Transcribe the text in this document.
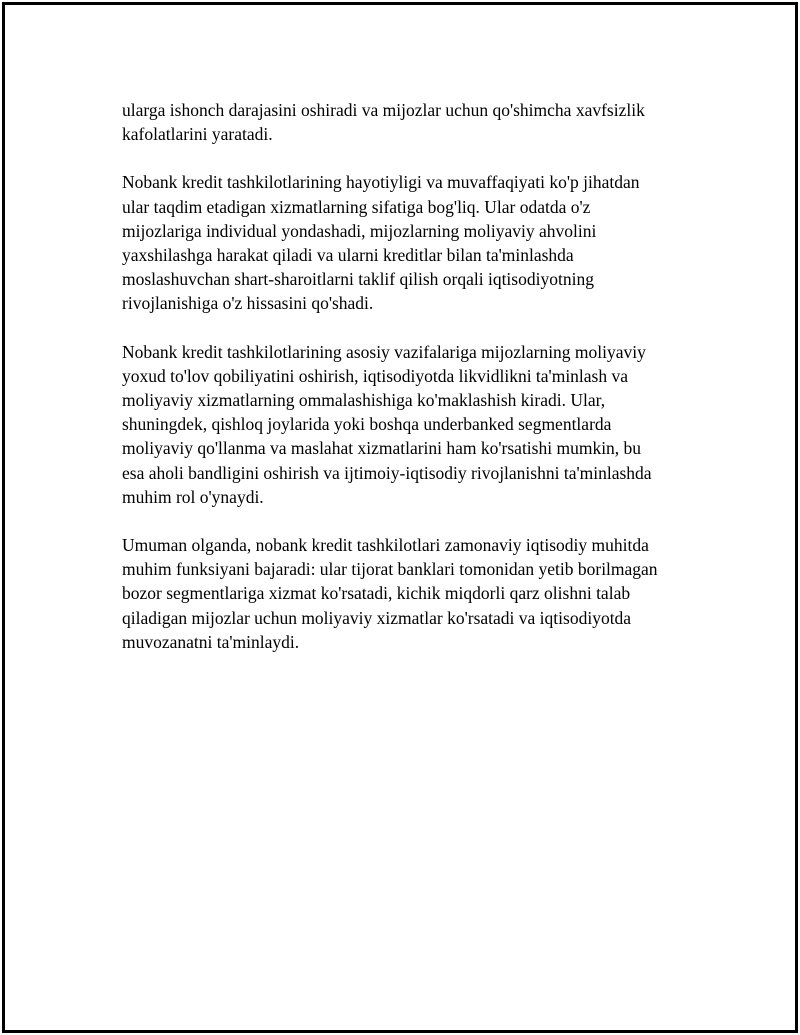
ularga ishonch darajasini oshiradi va mijozlar uchun qo'shimcha xavfsizlik
kafolatlarini yaratadi.

Nobank kredit tashkilotlarining hayotiyligi va muvaffaqiyati ko'p jihatdan
ular taqdim etadigan xizmatlarning sifatiga bog'liq. Ular odatda o'z
mijozlariga individual yondashadi, mijozlarning moliyaviy ahvolini
yaxshilashga harakat qiladi va ularni kreditlar bilan ta'minlashda
moslashuvchan shart-sharoitlarni taklif qilish orqali iqtisodiyotning
rivojlanishiga o'z hissasini qo'shadi.

Nobank kredit tashkilotlarining asosiy vazifalariga mijozlarning moliyaviy
yoxud to'lov qobiliyatini oshirish, iqtisodiyotda likvidlikni ta'minlash va
moliyaviy xizmatlarning ommalashishiga ko'maklashish kiradi. Ular,
shuningdek, qishloq joylarida yoki boshqa underbanked segmentlarda
moliyaviy qo'llanma va maslahat xizmatlarini ham ko'rsatishi mumkin, bu
esa aholi bandligini oshirish va ijtimoiy-iqtisodiy rivojlanishni ta'minlashda
muhim rol o'ynaydi.

Umuman olganda, nobank kredit tashkilotlari zamonaviy iqtisodiy muhitda
muhim funksiyani bajaradi: ular tijorat banklari tomonidan yetib borilmagan
bozor segmentlariga xizmat ko'rsatadi, kichik miqdorli qarz olishni talab
qiladigan mijozlar uchun moliyaviy xizmatlar ko'rsatadi va iqtisodiyotda
muvozanatni ta'minlaydi.
